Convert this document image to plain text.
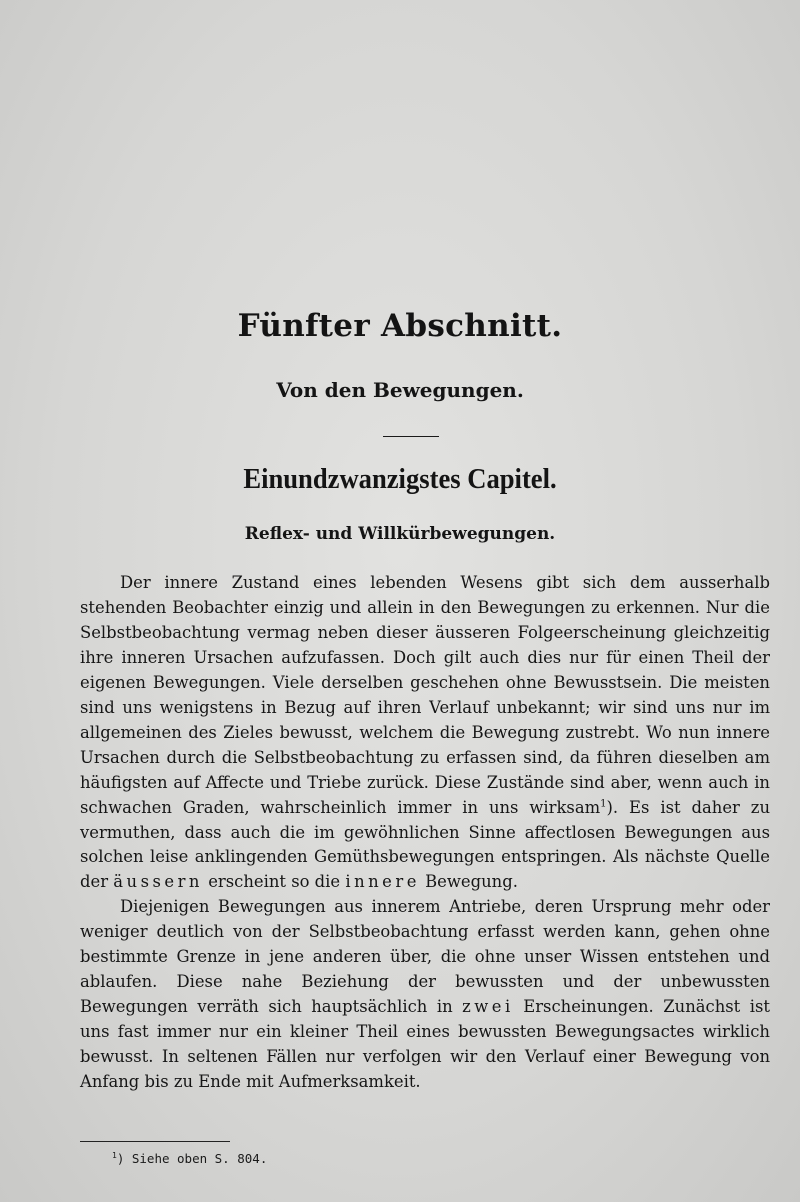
Fünfter Abschnitt.
Von den Bewegungen.
Einundzwanzigstes Capitel.
Reflex- und Willkürbewegungen.

Der innere Zustand eines lebenden Wesens gibt sich dem ausserhalb stehenden Beobachter einzig und allein in den Bewegungen zu erkennen. Nur die Selbstbeobachtung vermag neben dieser äusseren Folgeerscheinung gleichzeitig ihre inneren Ursachen aufzufassen. Doch gilt auch dies nur für einen Theil der eigenen Bewegungen. Viele derselben geschehen ohne Bewusstsein. Die meisten sind uns wenigstens in Bezug auf ihren Verlauf unbekannt; wir sind uns nur im allgemeinen des Zieles bewusst, welchem die Bewegung zustrebt. Wo nun innere Ursachen durch die Selbstbeobachtung zu erfassen sind, da führen dieselben am häufigsten auf Affecte und Triebe zurück. Diese Zustände sind aber, wenn auch in schwachen Graden, wahrscheinlich immer in uns wirksam$^1$). Es ist daher zu vermuthen, dass auch die im gewöhnlichen Sinne affectlosen Bewegungen aus solchen leise anklingenden Gemüthsbewegungen entspringen. Als nächste Quelle der äussern erscheint so die innere Bewegung.

Diejenigen Bewegungen aus innerem Antriebe, deren Ursprung mehr oder weniger deutlich von der Selbstbeobachtung erfasst werden kann, gehen ohne bestimmte Grenze in jene anderen über, die ohne unser Wissen entstehen und ablaufen. Diese nahe Beziehung der bewussten und der unbewussten Bewegungen verräth sich hauptsächlich in zwei Erscheinungen. Zunächst ist uns fast immer nur ein kleiner Theil eines bewussten Bewegungsactes wirklich bewusst. In seltenen Fällen nur verfolgen wir den Verlauf einer Bewegung von Anfang bis zu Ende mit Aufmerksamkeit.

$^1$) Siehe oben S. 804.
